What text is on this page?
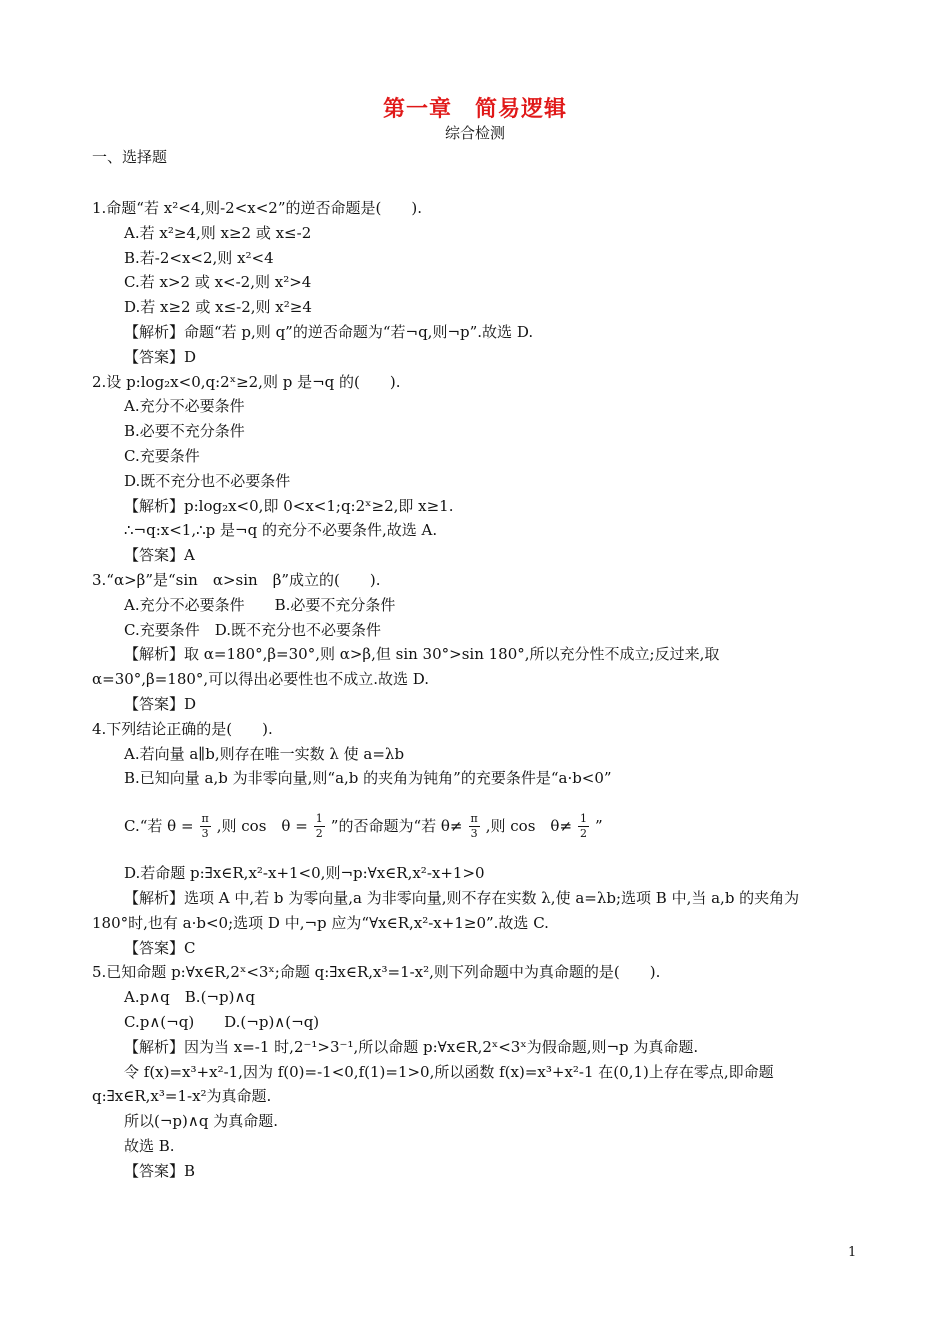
第一章　简易逻辑
综合检测
一、选择题
1.命题“若 x²<4,则-2<x<2”的逆否命题是(　　).
A.若 x²≥4,则 x≥2 或 x≤-2
B.若-2<x<2,则 x²<4
C.若 x>2 或 x<-2,则 x²>4
D.若 x≥2 或 x≤-2,则 x²≥4
【解析】命题“若 p,则 q”的逆否命题为“若¬q,则¬p”.故选 D.
【答案】D
2.设 p:log₂x<0,q:2ˣ≥2,则 p 是¬q 的(　　).
A.充分不必要条件
B.必要不充分条件
C.充要条件
D.既不充分也不必要条件
【解析】p:log₂x<0,即 0<x<1;q:2ˣ≥2,即 x≥1.
∴¬q:x<1,∴p 是¬q 的充分不必要条件,故选 A.
【答案】A
3.“α>β”是“sin　α>sin　β”成立的(　　).
A.充分不必要条件　　B.必要不充分条件
C.充要条件　D.既不充分也不必要条件
【解析】取 α=180°,β=30°,则 α>β,但 sin 30°>sin 180°,所以充分性不成立;反过来,取
α=30°,β=180°,可以得出必要性也不成立.故选 D.
【答案】D
4.下列结论正确的是(　　).
A.若向量 a∥b,则存在唯一实数 λ 使 a=λb
B.已知向量 a,b 为非零向量,则“a,b 的夹角为钝角”的充要条件是“a·b<0”
C.“若 $\theta = \frac{\pi}{3}$ ,则 cos　$\theta = \frac{1}{2}$ ”的否命题为“若 $\theta\ne \frac{\pi}{3}$ ,则 cos　$\theta\ne \frac{1}{2}$ ”
D.若命题 p:∃x∈R,x²-x+1<0,则¬p:∀x∈R,x²-x+1>0
【解析】选项 A 中,若 b 为零向量,a 为非零向量,则不存在实数 λ,使 a=λb;选项 B 中,当 a,b 的夹角为
180°时,也有 a·b<0;选项 D 中,¬p 应为“∀x∈R,x²-x+1≥0”.故选 C.
【答案】C
5.已知命题 p:∀x∈R,2ˣ<3ˣ;命题 q:∃x∈R,x³=1-x²,则下列命题中为真命题的是(　　).
A.p∧q　B.(¬p)∧q
C.p∧(¬q)　　D.(¬p)∧(¬q)
【解析】因为当 x=-1 时,2⁻¹>3⁻¹,所以命题 p:∀x∈R,2ˣ<3ˣ为假命题,则¬p 为真命题.
令 f(x)=x³+x²-1,因为 f(0)=-1<0,f(1)=1>0,所以函数 f(x)=x³+x²-1 在(0,1)上存在零点,即命题
q:∃x∈R,x³=1-x²为真命题.
所以(¬p)∧q 为真命题.
故选 B.
【答案】B
1
